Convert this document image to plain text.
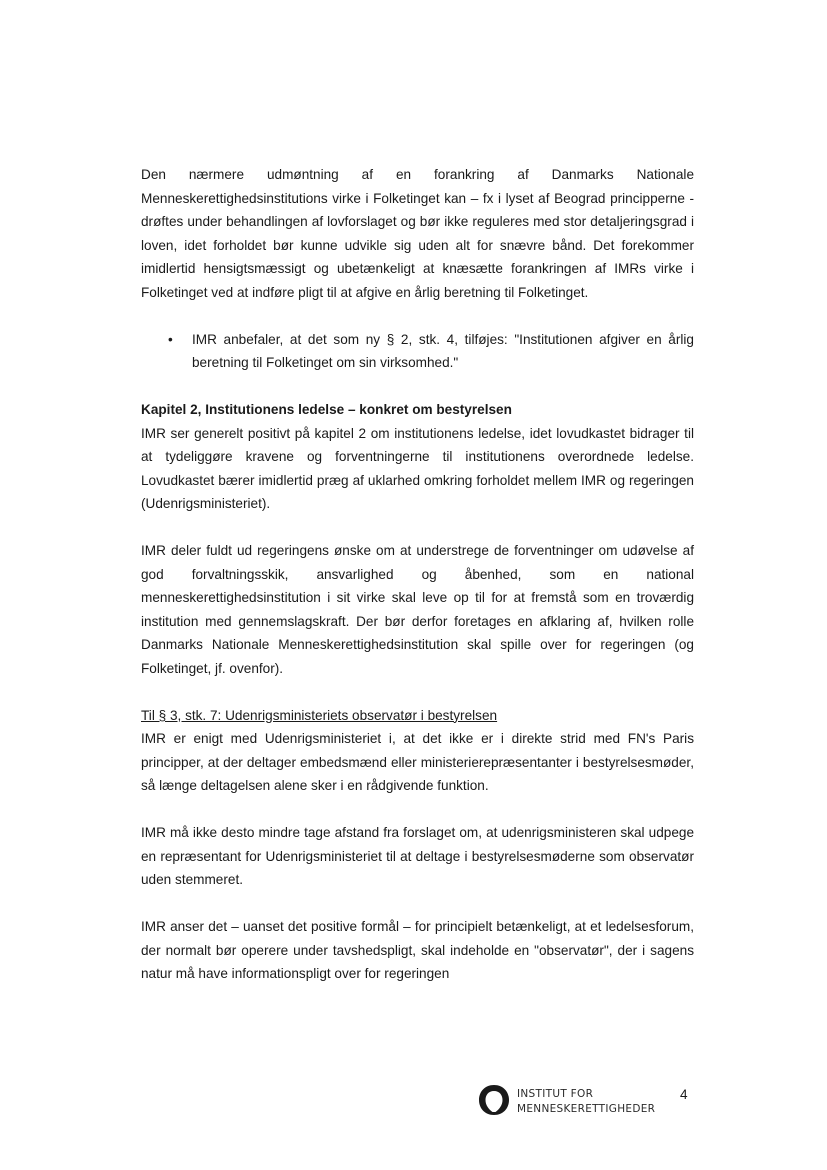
Den nærmere udmøntning af en forankring af Danmarks Nationale Menneskerettighedsinstitutions virke i Folketinget kan – fx i lyset af Beograd principperne - drøftes under behandlingen af lovforslaget og bør ikke reguleres med stor detaljeringsgrad i loven, idet forholdet bør kunne udvikle sig uden alt for snævre bånd. Det forekommer imidlertid hensigtsmæssigt og ubetænkeligt at knæsætte forankringen af IMRs virke i Folketinget ved at indføre pligt til at afgive en årlig beretning til Folketinget.

• IMR anbefaler, at det som ny § 2, stk. 4, tilføjes: "Institutionen afgiver en årlig beretning til Folketinget om sin virksomhed."

Kapitel 2, Institutionens ledelse – konkret om bestyrelsen

IMR ser generelt positivt på kapitel 2 om institutionens ledelse, idet lovudkastet bidrager til at tydeliggøre kravene og forventningerne til institutionens overordnede ledelse. Lovudkastet bærer imidlertid præg af uklarhed omkring forholdet mellem IMR og regeringen (Udenrigsministeriet).

IMR deler fuldt ud regeringens ønske om at understrege de forventninger om udøvelse af god forvaltningsskik, ansvarlighed og åbenhed, som en national menneskerettighedsinstitution i sit virke skal leve op til for at fremstå som en troværdig institution med gennemslagskraft. Der bør derfor foretages en afklaring af, hvilken rolle Danmarks Nationale Menneskerettighedsinstitution skal spille over for regeringen (og Folketinget, jf. ovenfor).

Til § 3, stk. 7: Udenrigsministeriets observatør i bestyrelsen

IMR er enigt med Udenrigsministeriet i, at det ikke er i direkte strid med FN's Paris principper, at der deltager embedsmænd eller ministerierepræsentanter i bestyrelsesmøder, så længe deltagelsen alene sker i en rådgivende funktion.

IMR må ikke desto mindre tage afstand fra forslaget om, at udenrigsministeren skal udpege en repræsentant for Udenrigsministeriet til at deltage i bestyrelsesmøderne som observatør uden stemmeret.

IMR anser det – uanset det positive formål – for principielt betænkeligt, at et ledelsesforum, der normalt bør operere under tavshedspligt, skal indeholde en "observatør", der i sagens natur må have informationspligt over for regeringen

INSTITUT FOR
MENNESKERETTIGHEDER
4
